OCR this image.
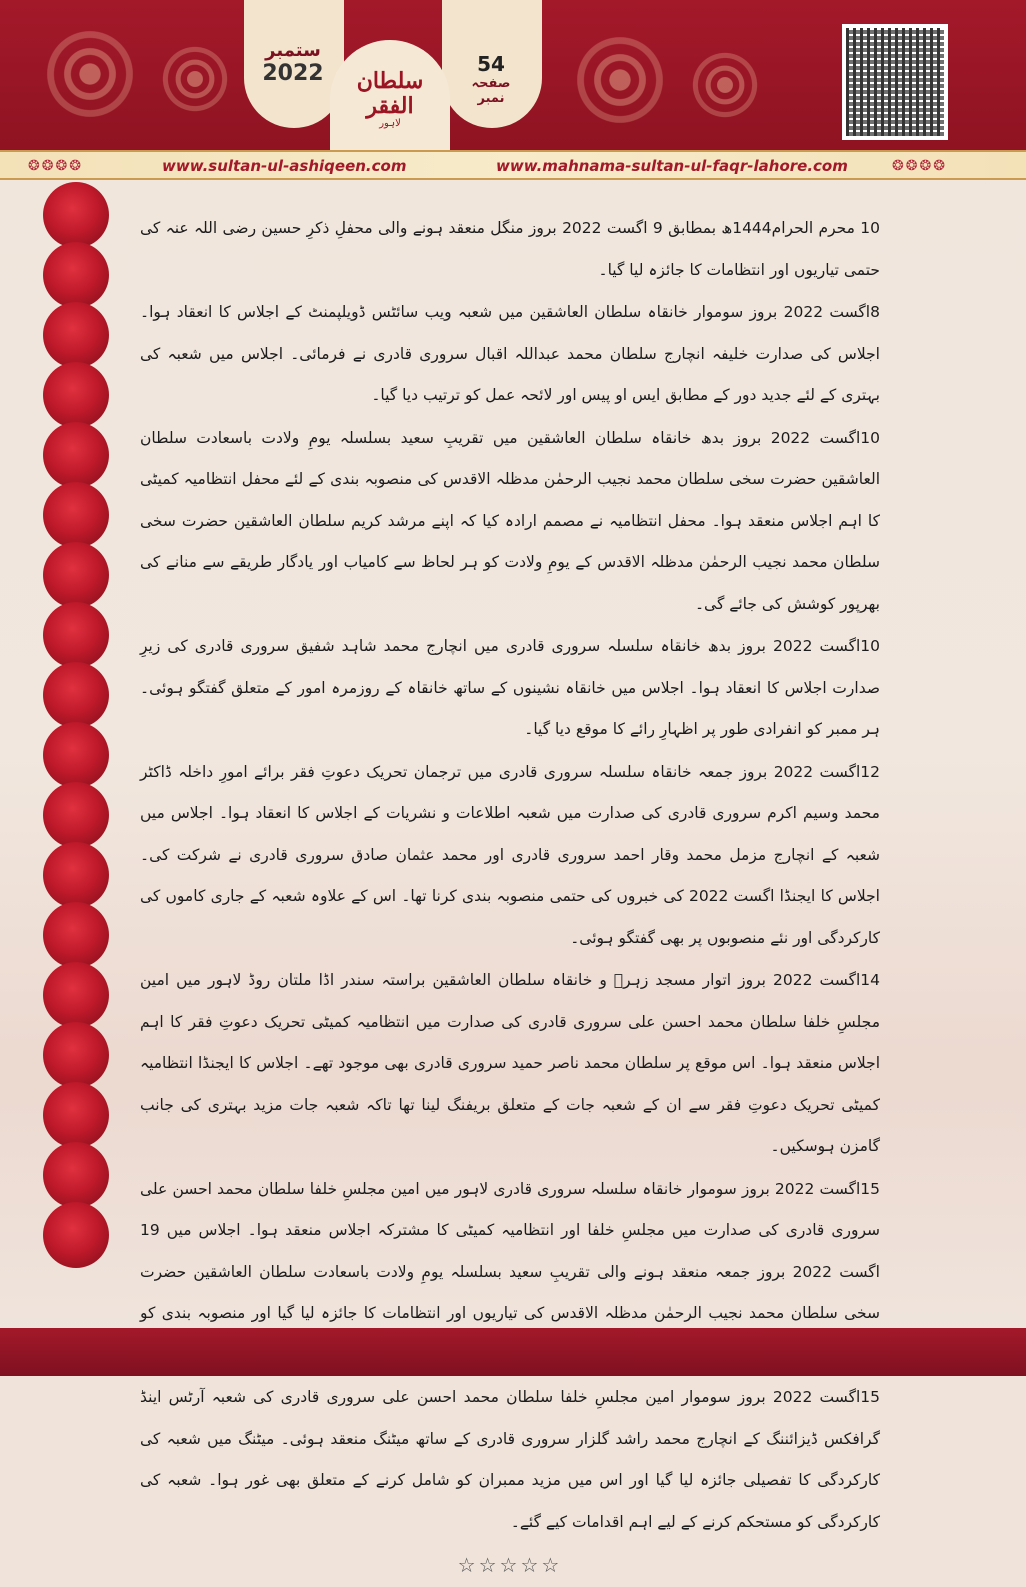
ستمبر
2022	سلطان الفقر
لاہور
54
صفحہ نمبر
❂❂❂❂	www.sultan-ul-ashiqeen.com	www.mahnama-sultan-ul-faqr-lahore.com	❂❂❂❂

10 محرم الحرام1444ھ بمطابق 9 اگست 2022 بروز منگل منعقد ہونے والی محفلِ ذکرِ حسین رضی اللہ عنہ کی حتمی تیاریوں اور انتظامات کا جائزہ لیا گیا۔

8اگست 2022 بروز سوموار خانقاہ سلطان العاشقین میں شعبہ ویب سائٹس ڈویلپمنٹ کے اجلاس کا انعقاد ہوا۔ اجلاس کی صدارت خلیفہ انچارج سلطان محمد عبداللہ اقبال سروری قادری نے فرمائی۔ اجلاس میں شعبہ کی بہتری کے لئے جدید دور کے مطابق ایس او پیس اور لائحہ عمل کو ترتیب دیا گیا۔

10اگست 2022 بروز بدھ خانقاہ سلطان العاشقین میں تقریبِ سعید بسلسلہ یومِ ولادت باسعادت سلطان العاشقین حضرت سخی سلطان محمد نجیب الرحمٰن مدظلہ الاقدس کی منصوبہ بندی کے لئے محفل انتظامیہ کمیٹی کا اہم اجلاس منعقد ہوا۔ محفل انتظامیہ نے مصمم ارادہ کیا کہ اپنے مرشد کریم سلطان العاشقین حضرت سخی سلطان محمد نجیب الرحمٰن مدظلہ الاقدس کے یومِ ولادت کو ہر لحاظ سے کامیاب اور یادگار طریقے سے منانے کی بھرپور کوشش کی جائے گی۔

10اگست 2022 بروز بدھ خانقاہ سلسلہ سروری قادری میں انچارج محمد شاہد شفیق سروری قادری کی زیرِ صدارت اجلاس کا انعقاد ہوا۔ اجلاس میں خانقاہ نشینوں کے ساتھ خانقاہ کے روزمرہ امور کے متعلق گفتگو ہوئی۔ ہر ممبر کو انفرادی طور پر اظہارِ رائے کا موقع دیا گیا۔

12اگست 2022 بروز جمعہ خانقاہ سلسلہ سروری قادری میں ترجمان تحریک دعوتِ فقر برائے امورِ داخلہ ڈاکٹر محمد وسیم اکرم سروری قادری کی صدارت میں شعبہ اطلاعات و نشریات کے اجلاس کا انعقاد ہوا۔ اجلاس میں شعبہ کے انچارج مزمل محمد وقار احمد سروری قادری اور محمد عثمان صادق سروری قادری نے شرکت کی۔ اجلاس کا ایجنڈا اگست 2022 کی خبروں کی حتمی منصوبہ بندی کرنا تھا۔ اس کے علاوہ شعبہ کے جاری کاموں کی کارکردگی اور نئے منصوبوں پر بھی گفتگو ہوئی۔

14اگست 2022 بروز اتوار مسجد زہرؓ و خانقاہ سلطان العاشقین براستہ سندر اڈا ملتان روڈ لاہور میں امین مجلسِ خلفا سلطان محمد احسن علی سروری قادری کی صدارت میں انتظامیہ کمیٹی تحریک دعوتِ فقر کا اہم اجلاس منعقد ہوا۔ اس موقع پر سلطان محمد ناصر حمید سروری قادری بھی موجود تھے۔ اجلاس کا ایجنڈا انتظامیہ کمیٹی تحریک دعوتِ فقر سے ان کے شعبہ جات کے متعلق بریفنگ لینا تھا تاکہ شعبہ جات مزید بہتری کی جانب گامزن ہوسکیں۔

15اگست 2022 بروز سوموار خانقاہ سلسلہ سروری قادری لاہور میں امین مجلسِ خلفا سلطان محمد احسن علی سروری قادری کی صدارت میں مجلسِ خلفا اور انتظامیہ کمیٹی کا مشترکہ اجلاس منعقد ہوا۔ اجلاس میں 19 اگست 2022 بروز جمعہ منعقد ہونے والی تقریبِ سعید بسلسلہ یومِ ولادت باسعادت سلطان العاشقین حضرت سخی سلطان محمد نجیب الرحمٰن مدظلہ الاقدس کی تیاریوں اور انتظامات کا جائزہ لیا گیا اور منصوبہ بندی کو

15اگست 2022 بروز سوموار امین مجلسِ خلفا سلطان محمد احسن علی سروری قادری کی شعبہ آرٹس اینڈ گرافکس ڈیزائننگ کے انچارج محمد راشد گلزار سروری قادری کے ساتھ میٹنگ منعقد ہوئی۔ میٹنگ میں شعبہ کی کارکردگی کا تفصیلی جائزہ لیا گیا اور اس میں مزید ممبران کو شامل کرنے کے متعلق بھی غور ہوا۔ شعبہ کی کارکردگی کو مستحکم کرنے کے لیے اہم اقدامات کیے گئے۔

☆☆☆☆☆
